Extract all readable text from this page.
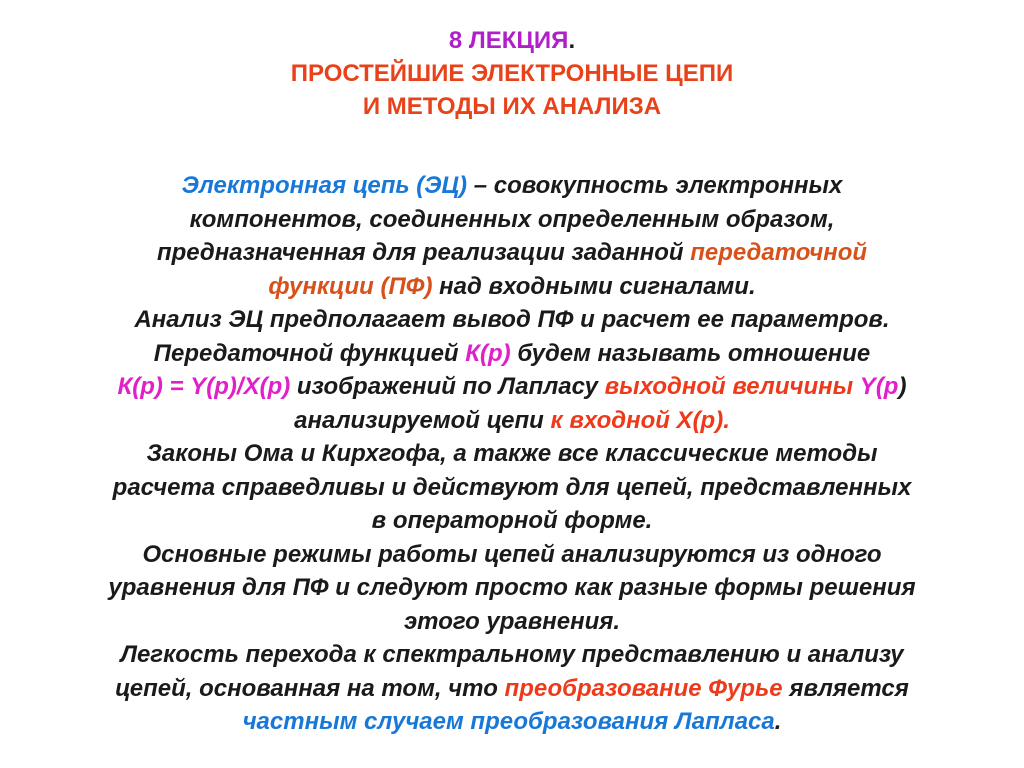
8 ЛЕКЦИЯ.
ПРОСТЕЙШИЕ ЭЛЕКТРОННЫЕ ЦЕПИ
И МЕТОДЫ ИХ АНАЛИЗА
Электронная цепь (ЭЦ) – совокупность электронных
компонентов, соединенных определенным образом,
предназначенная для реализации заданной передаточной
функции (ПФ) над входными сигналами.
Анализ ЭЦ предполагает вывод ПФ и расчет ее параметров.
Передаточной функцией К(р) будем называть отношение
К(р) = Y(р)/Х(р) изображений по Лапласу выходной величины Y(р)
анализируемой цепи к входной Х(р).
Законы Ома и Кирхгофа, а также все классические методы
расчета справедливы и действуют для цепей, представленных
в операторной форме.
Основные режимы работы цепей анализируются из одного
уравнения для ПФ и следуют просто как разные формы решения
этого уравнения.
Легкость перехода к спектральному представлению и анализу
цепей, основанная на том, что преобразование Фурье является
частным случаем преобразования Лапласа.
